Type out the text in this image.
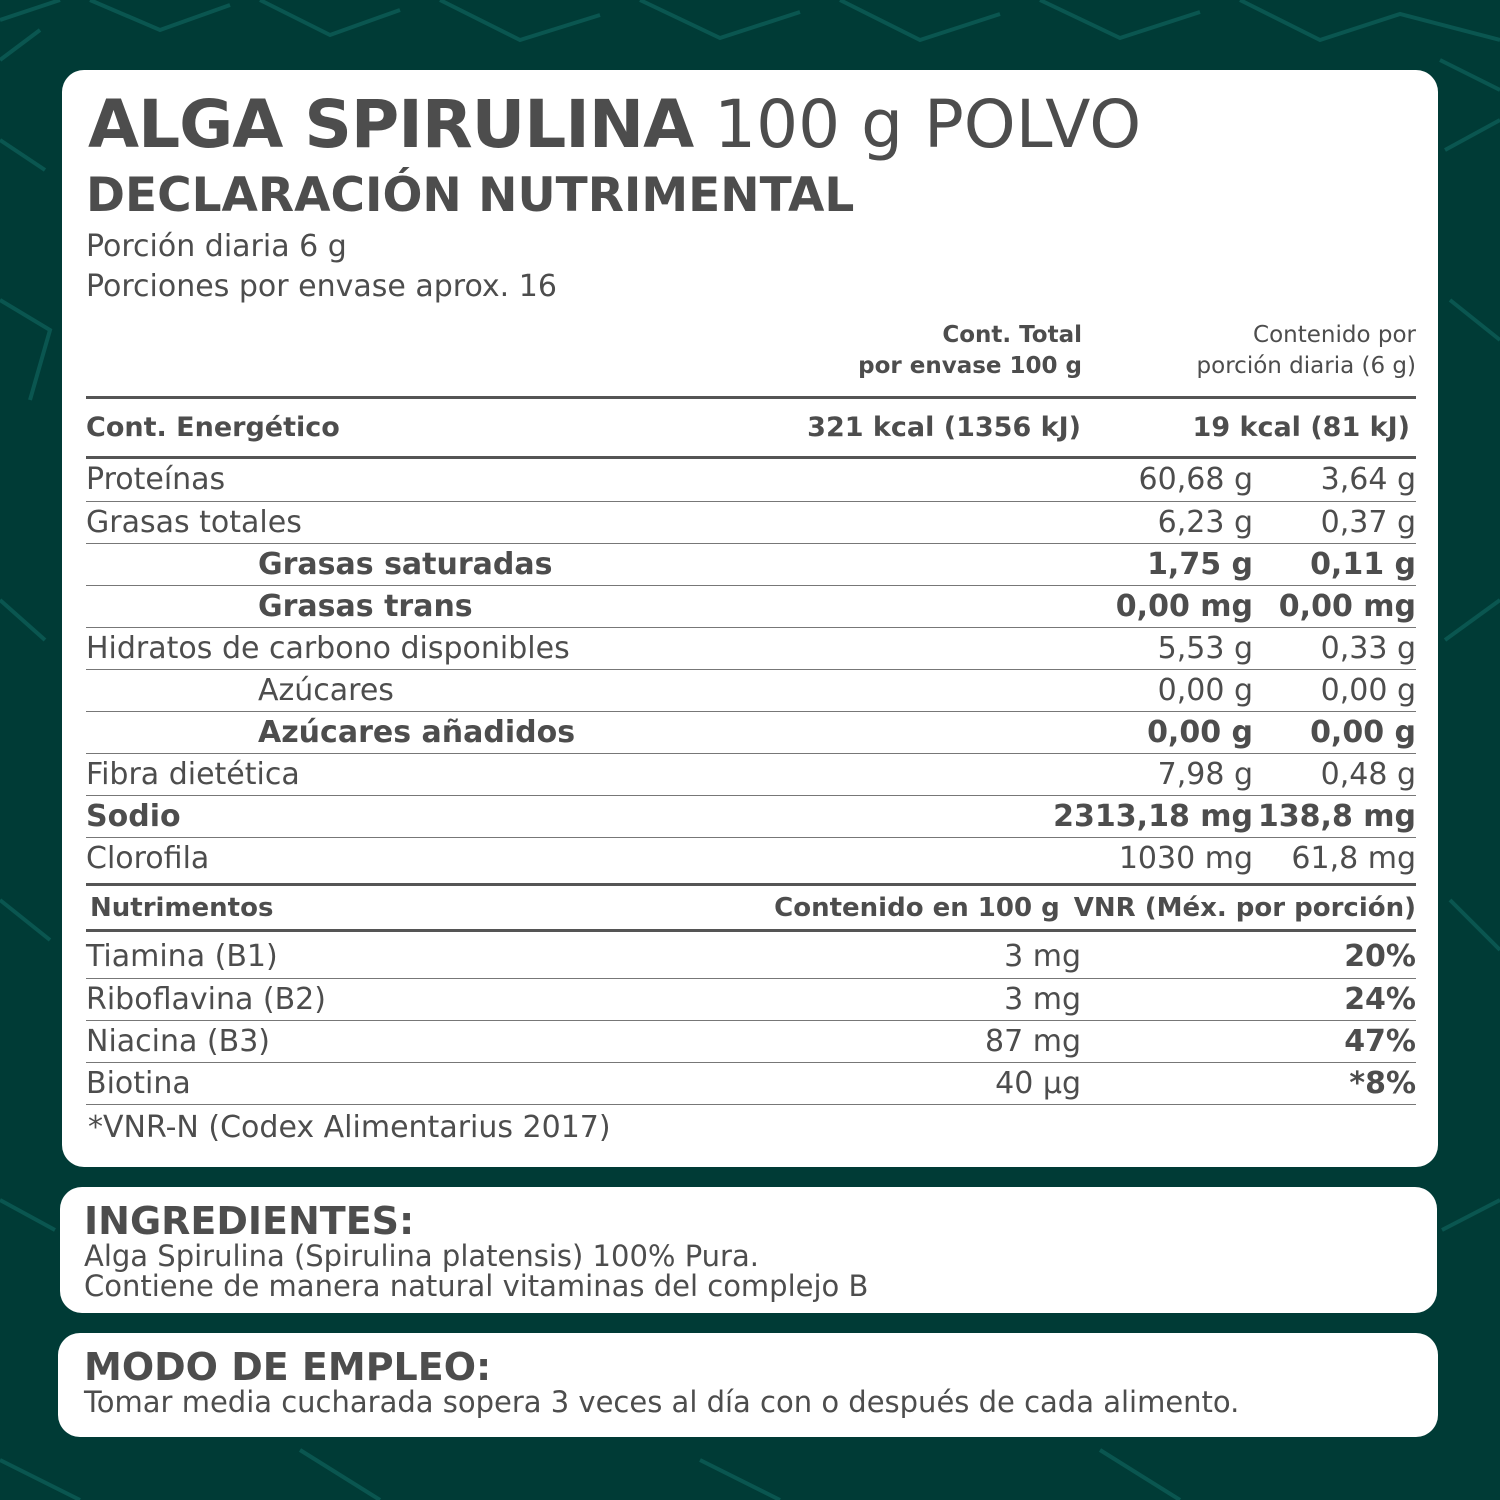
ALGA SPIRULINA 100 g POLVO
DECLARACIÓN NUTRIMENTAL
Porción diaria 6 g
Porciones por envase aprox. 16
Cont. Total
por envase 100 g
Contenido por
porción diaria (6 g)
Cont. Energético	321 kcal (1356 kJ)	19 kcal (81 kJ)
Proteínas	60,68 g	3,64 g
Grasas totales	6,23 g	0,37 g
Grasas saturadas	1,75 g	0,11 g
Grasas trans	0,00 mg	0,00 mg
Hidratos de carbono disponibles	5,53 g	0,33 g
Azúcares	0,00 g	0,00 g
Azúcares añadidos	0,00 g	0,00 g
Fibra dietética	7,98 g	0,48 g
Sodio	2313,18 mg	138,8 mg
Clorofila	1030 mg	61,8 mg
Nutrimentos	Contenido en 100 g	VNR (Méx. por porción)
Tiamina (B1)	3 mg	20%
Riboflavina (B2)	3 mg	24%
Niacina (B3)	87 mg	47%
Biotina	40 µg	*8%
*VNR-N (Codex Alimentarius 2017)

INGREDIENTES:

Alga Spirulina (Spirulina platensis) 100% Pura.

Contiene de manera natural vitaminas del complejo B

MODO DE EMPLEO:

Tomar media cucharada sopera 3 veces al día con o después de cada alimento.
